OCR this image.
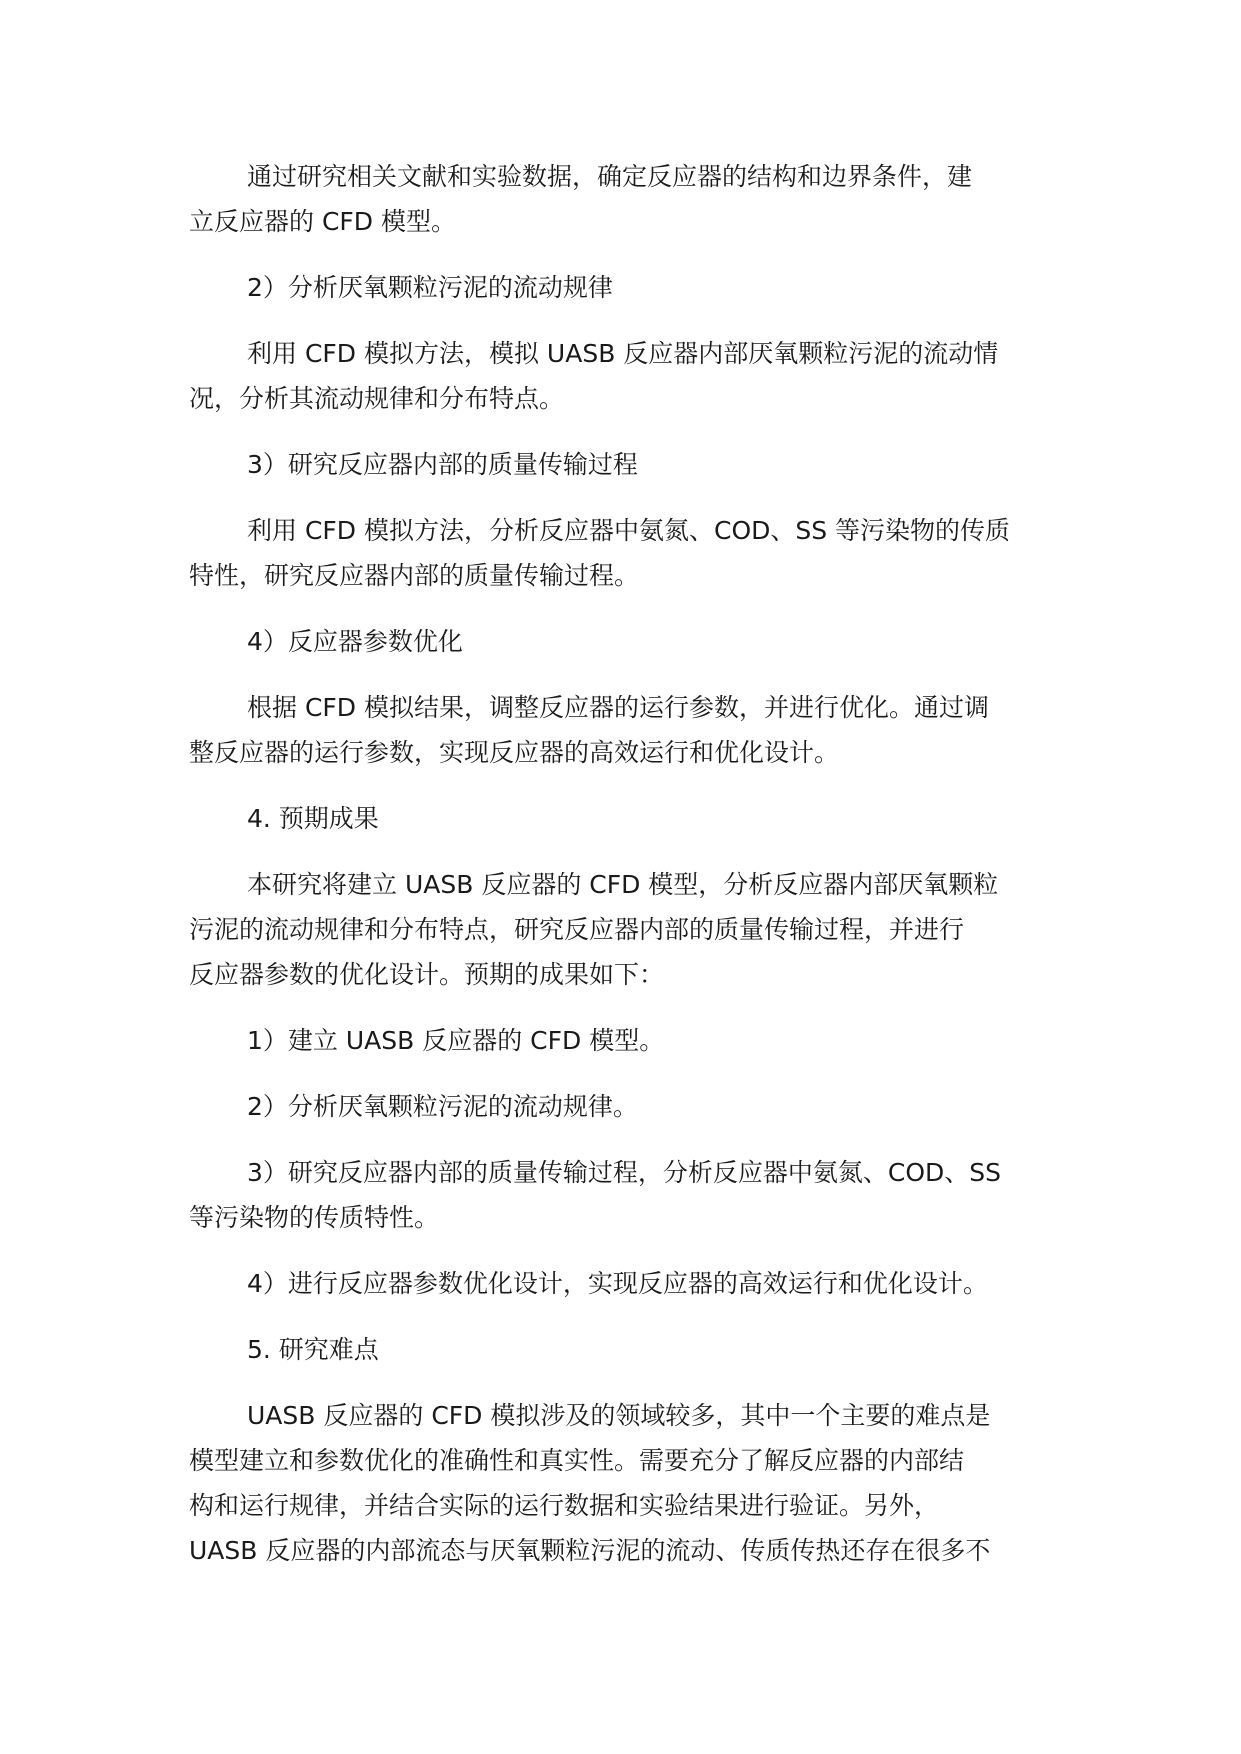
通过研究相关文献和实验数据，确定反应器的结构和边界条件，建
立反应器的 CFD 模型。
2）分析厌氧颗粒污泥的流动规律
利用 CFD 模拟方法，模拟 UASB 反应器内部厌氧颗粒污泥的流动情
况，分析其流动规律和分布特点。
3）研究反应器内部的质量传输过程
利用 CFD 模拟方法，分析反应器中氨氮、COD、SS 等污染物的传质
特性，研究反应器内部的质量传输过程。
4）反应器参数优化
根据 CFD 模拟结果，调整反应器的运行参数，并进行优化。通过调
整反应器的运行参数，实现反应器的高效运行和优化设计。
4. 预期成果
本研究将建立 UASB 反应器的 CFD 模型，分析反应器内部厌氧颗粒
污泥的流动规律和分布特点，研究反应器内部的质量传输过程，并进行
反应器参数的优化设计。预期的成果如下：
1）建立 UASB 反应器的 CFD 模型。
2）分析厌氧颗粒污泥的流动规律。
3）研究反应器内部的质量传输过程，分析反应器中氨氮、COD、SS
等污染物的传质特性。
4）进行反应器参数优化设计，实现反应器的高效运行和优化设计。
5. 研究难点
UASB 反应器的 CFD 模拟涉及的领域较多，其中一个主要的难点是
模型建立和参数优化的准确性和真实性。需要充分了解反应器的内部结
构和运行规律，并结合实际的运行数据和实验结果进行验证。另外，
UASB 反应器的内部流态与厌氧颗粒污泥的流动、传质传热还存在很多不
